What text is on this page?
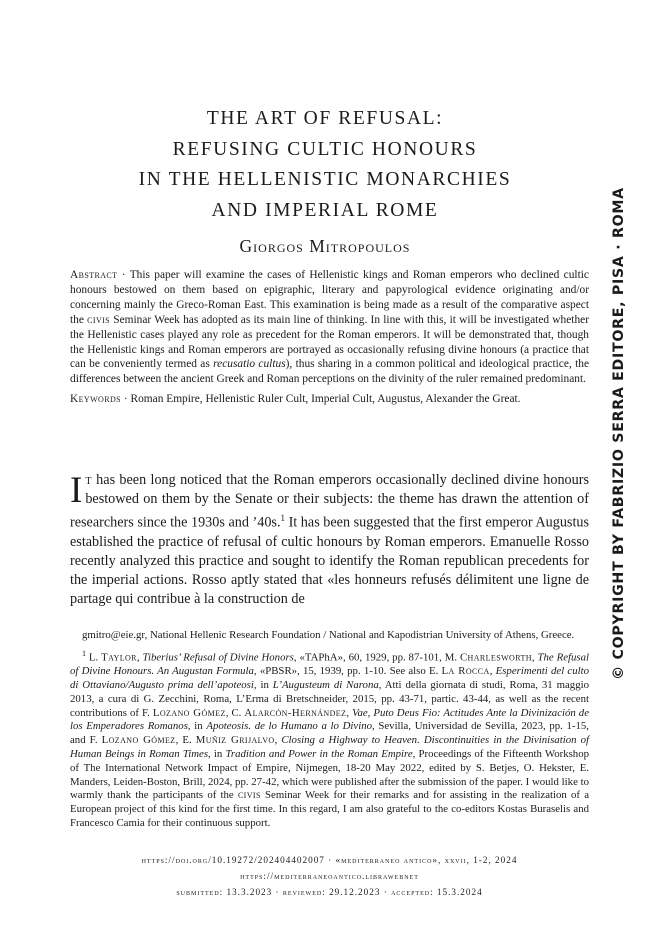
THE ART OF REFUSAL:
REFUSING CULTIC HONOURS
IN THE HELLENISTIC MONARCHIES
AND IMPERIAL ROME
Giorgos Mitropoulos

Abstract · This paper will examine the cases of Hellenistic kings and Roman emperors who declined cultic honours bestowed on them based on epigraphic, literary and papyrological evidence originating and/or concerning mainly the Greco-Roman East. This examination is being made as a result of the comparative aspect the civis Seminar Week has adopted as its main line of thinking. In line with this, it will be investigated whether the Hellenistic cases played any role as precedent for the Roman emperors. It will be demonstrated that, though the Hellenistic kings and Roman emperors are portrayed as occasionally refusing divine honours (a practice that can be conveniently termed as recusatio cultus), thus sharing in a common political and ideological practice, the differences between the ancient Greek and Roman perceptions on the divinity of the ruler remained predominant.

Keywords · Roman Empire, Hellenistic Ruler Cult, Imperial Cult, Augustus, Alexander the Great.

It has been long noticed that the Roman emperors occasionally declined divine honours bestowed on them by the Senate or their subjects: the theme has drawn the attention of researchers since the 1930s and ’40s.$^1$ It has been suggested that the first emperor Augustus established the practice of refusal of cultic honours by Roman emperors. Emanuelle Rosso recently analyzed this practice and sought to identify the Roman republican precedents for the imperial actions. Rosso aptly stated that «les honneurs refusés délimitent une ligne de partage qui contribue à la construction de

gmitro@eie.gr, National Hellenic Research Foundation / National and Kapodistrian University of Athens, Greece.

$^1$ L. Taylor, Tiberius’ Refusal of Divine Honors, «TAPhA», 60, 1929, pp. 87-101, M. Charlesworth, The Refusal of Divine Honours. An Augustan Formula, «PBSR», 15, 1939, pp. 1-10. See also E. La Rocca, Esperimenti del culto di Ottaviano/Augusto prima dell’apoteosi, in L’Augusteum di Narona, Atti della giornata di studi, Roma, 31 maggio 2013, a cura di G. Zecchini, Roma, L’Erma di Bretschneider, 2015, pp. 43-71, partic. 43-44, as well as the recent contributions of F. Lozano Gómez, C. Alarcón-Hernández, Vae, Puto Deus Fio: Actitudes Ante la Divinización de los Emperadores Romanos, in Apoteosis. de lo Humano a lo Divino, Sevilla, Universidad de Sevilla, 2023, pp. 1-15, and F. Lozano Gómez, E. Muñiz Grijalvo, Closing a Highway to Heaven. Discontinuities in the Divinisation of Human Beings in Roman Times, in Tradition and Power in the Roman Empire, Proceedings of the Fifteenth Workshop of The International Network Impact of Empire, Nijmegen, 18-20 May 2022, edited by S. Betjes, O. Hekster, E. Manders, Leiden-Boston, Brill, 2024, pp. 27-42, which were published after the submission of the paper. I would like to warmly thank the participants of the civis Seminar Week for their remarks and for assisting in the realization of a European project of this kind for the first time. In this regard, I am also grateful to the co-editors Kostas Buraselis and Francesco Camia for their continuous support.

https://doi.org/10.19272/202404402007 · «mediterraneo antico», xxvii, 1-2, 2024
https://mediterraneoantico.librawebnet
submitted: 13.3.2023 · reviewed: 29.12.2023 · accepted: 15.3.2024
© COPYRIGHT BY FABRIZIO SERRA EDITORE, PISA · ROMA
